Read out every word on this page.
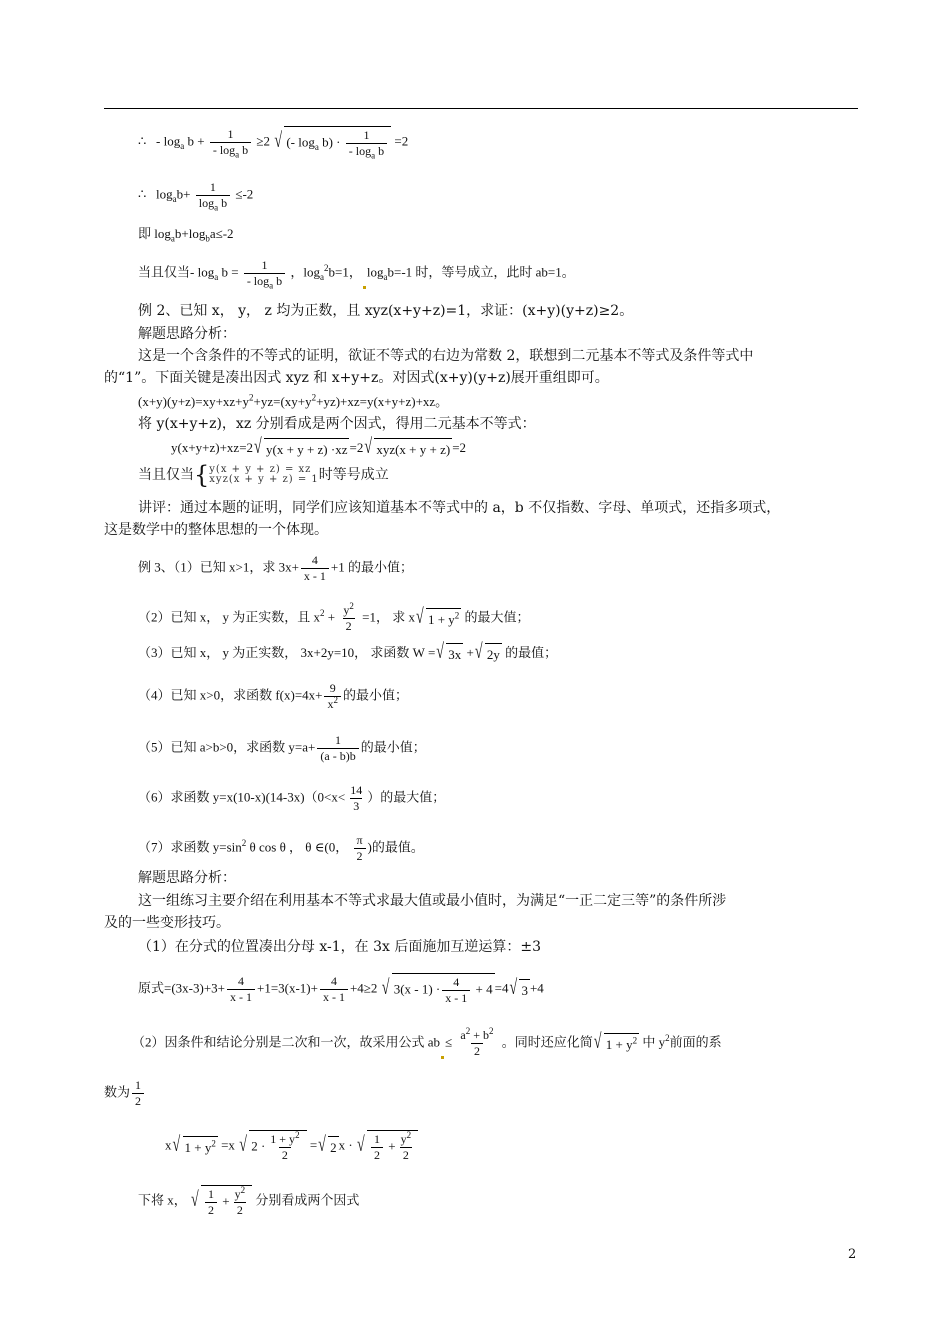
∴ - $\log_a b + \frac{1}{- \log_a b} \ge 2$ √ (- $\log_a b) \cdot \frac{1}{- \log_a b} =2$
∴ $\log_ab+ \frac{1}{\log_a b} \le-2$
即 $\log_ab+\log_ba\le-2$
当且仅当- $\log_a b = \frac{1}{- \log_a b}$ ，$\log_a^2b=1$， $\log_ab=-1$ 时，等号成立，此时 ab=1。
例 2、已知 x， y， z 均为正数，且 xyz(x+y+z)=1，求证：(x+y)(y+z)≥2。
解题思路分析：
这是一个含条件的不等式的证明，欲证不等式的右边为常数 2，联想到二元基本不等式及条件等式中
的“1”。下面关键是凑出因式 xyz 和 x+y+z。对因式(x+y)(y+z)展开重组即可。
$(x+y)(y+z)=xy+xz+y^2+yz=(xy+y^2+yz)+xz=y(x+y+z)+xz$。
将 y(x+y+z)，xz 分别看成是两个因式，得用二元基本不等式：
y(x+y+z)+xz=2√ y(x + y + z) ·xz =2√ xyz(x + y + z) =2
当且仅当{ y(x + y + z) = xz
xyz(x + y + z) = 1 时等号成立
讲评：通过本题的证明，同学们应该知道基本不等式中的 a，b 不仅指数、字母、单项式，还指多项式，
这是数学中的整体思想的一个体现。
例 3、（1）已知 x>1，求 $3x+ \frac{4}{x - 1} +1$ 的最小值；
（2）已知 x， y 为正实数，且 $x^2 + \frac{y^2}{2} =1$， 求 x√ $1 + y^2$ 的最大值；
（3）已知 x， y 为正实数， 3x+2y=10， 求函数 W =√ 3x +√ 2y 的最值；
（4）已知 x>0，求函数 $f(x)=4x+ \frac{9}{x^2}$ 的最小值；
（5）已知 a>b>0，求函数 $y=a+ \frac{1}{(a - b)b}$ 的最小值；
（6）求函数 $y=x(10-x)(14-3x)(0<x< \frac{14}{3}$ ）的最大值；
（7）求函数 $y=\sin^2$ θ cos θ ， θ ∈(0， $\frac{\pi}{2}$ )的最值。
解题思路分析：
这一组练习主要介绍在利用基本不等式求最大值或最小值时，为满足“一正二定三等”的条件所涉
及的一些变形技巧。
（1）在分式的位置凑出分母 x-1，在 3x 后面施加互逆运算：±3
原式$=(3x-3)+3+ \frac{4}{x - 1} +1=3(x-1)+ \frac{4}{x - 1} +4\ge 2$ √ $3(x - 1) \cdot \frac{4}{x - 1} + 4 =4√$ 3 +4
（2）因条件和结论分别是二次和一次，故采用公式 ab ≤ $\frac{a^2 + b^2}{2}$ 。同时还应化简√ $1 + y^2$ 中 $y^2$前面的系
数为 $\frac{1}{2}$
x√ $1 + y^2 =x$ √ $2 \cdot \frac{1 + y^2}{2}$ =√ 2 x ·
√ $\frac{1}{2} + \frac{y^2}{2}$
下将 x，
√ $\frac{1}{2} + \frac{y^2}{2}$ 分别看成两个因式
2
